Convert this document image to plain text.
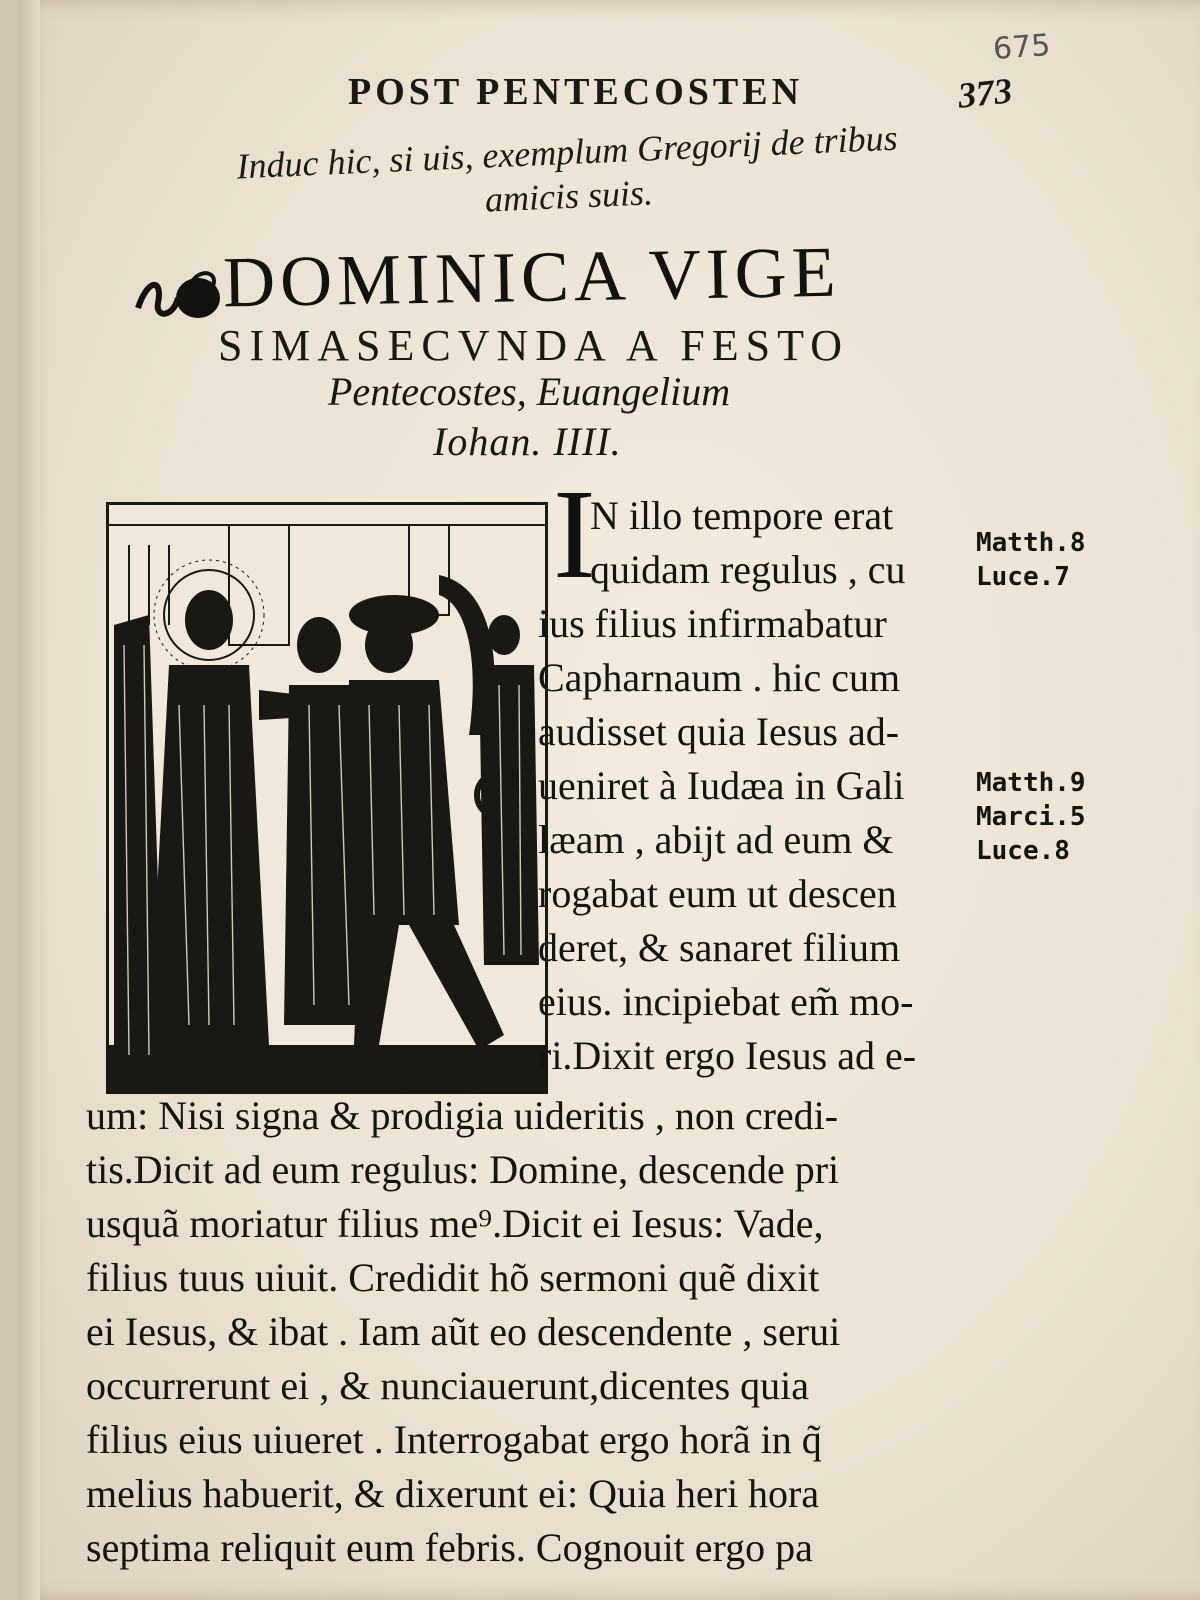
675
POST PENTECOSTEN	373
Induc hic, si uis, exemplum Gregorij de tribus
amicis suis.
DOMINICA VIGE
SIMASECVNDA A FESTO
Pentecostes, Euangelium
Iohan. IIII.
I
N illo tempore erat
quidam regulus , cu
ius filius infirmabatur
Capharnaum . hic cum
audisset quia Iesus ad-
ueniret à Iudæa in Gali
læam , abijt ad eum &
rogabat eum ut descen
deret, & sanaret filium
eius. incipiebat em̃ mo-
ri.Dixit ergo Iesus ad e-
um: Nisi signa & prodigia uideritis , non credi-
tis.Dicit ad eum regulus: Domine, descende pri
usquã moriatur filius me⁹.Dicit ei Iesus: Vade,
filius tuus uiuit. Credidit hõ sermoni quẽ dixit
ei Iesus, & ibat . Iam aũt eo descendente , serui
occurrerunt ei , & nunciauerunt,dicentes quia
filius eius uiueret . Interrogabat ergo horã in q̃
melius habuerit, & dixerunt ei: Quia heri hora
septima reliquit eum febris. Cognouit ergo pa
Matth.8
Luce.7
Matth.9
Marci.5
Luce.8
